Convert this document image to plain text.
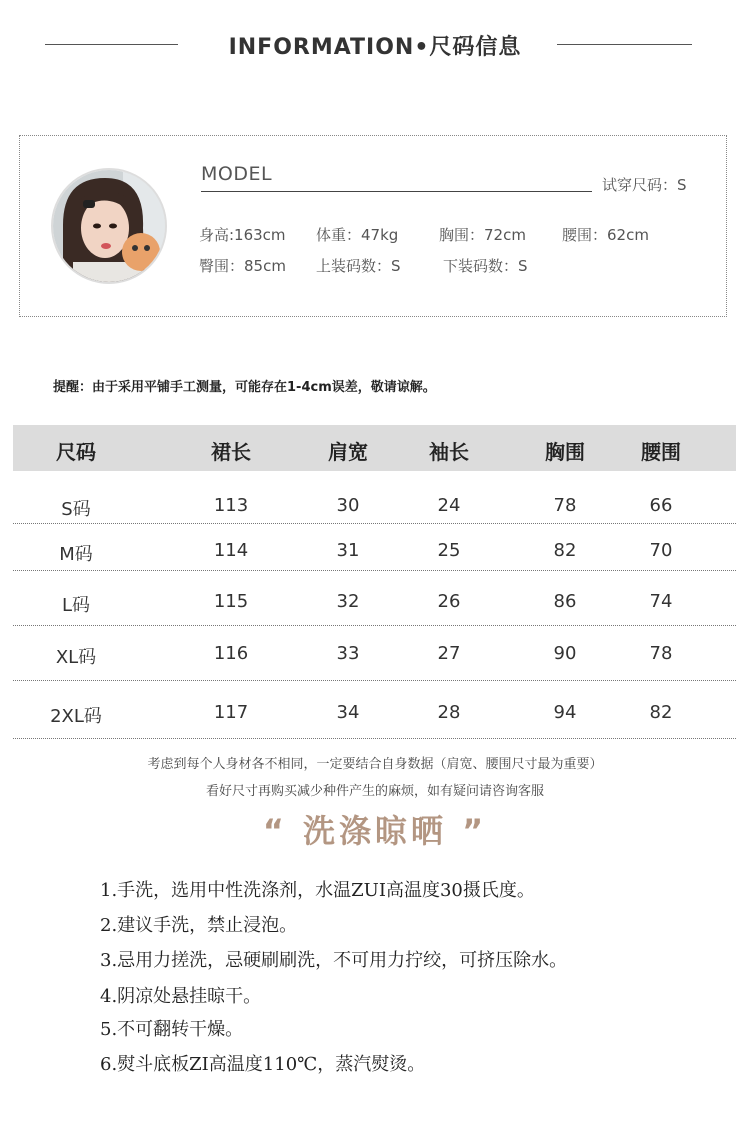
INFORMATION•尺码信息
MODEL	试穿尺码：S
身高:163cm 体重：47kg	胸围：72cm 腰围：62cm
臀围：85cm 上装码数：S	下装码数：S
提醒：由于采用平铺手工测量，可能存在1-4cm误差，敬请谅解。
尺码	裙长	肩宽	袖长	胸围	腰围
S码	113	30	24	78	66
M码	114	31	25	82	70
L码	115	32	26	86	74
XL码	116	33	27	90	78
2XL码	117	34	28	94	82
考虑到每个人身材各不相同，一定要结合自身数据（肩宽、腰围尺寸最为重要）
看好尺寸再购买减少种件产生的麻烦，如有疑问请咨询客服
“ 洗涤晾晒 ”
1.手洗，选用中性洗涤剂，水温ZUI高温度30摄氏度。
2.建议手洗，禁止浸泡。
3.忌用力搓洗，忌硬刷刷洗，不可用力拧绞，可挤压除水。
4.阴凉处悬挂晾干。
5.不可翻转干燥。
6.熨斗底板ZI高温度110℃，蒸汽熨烫。
